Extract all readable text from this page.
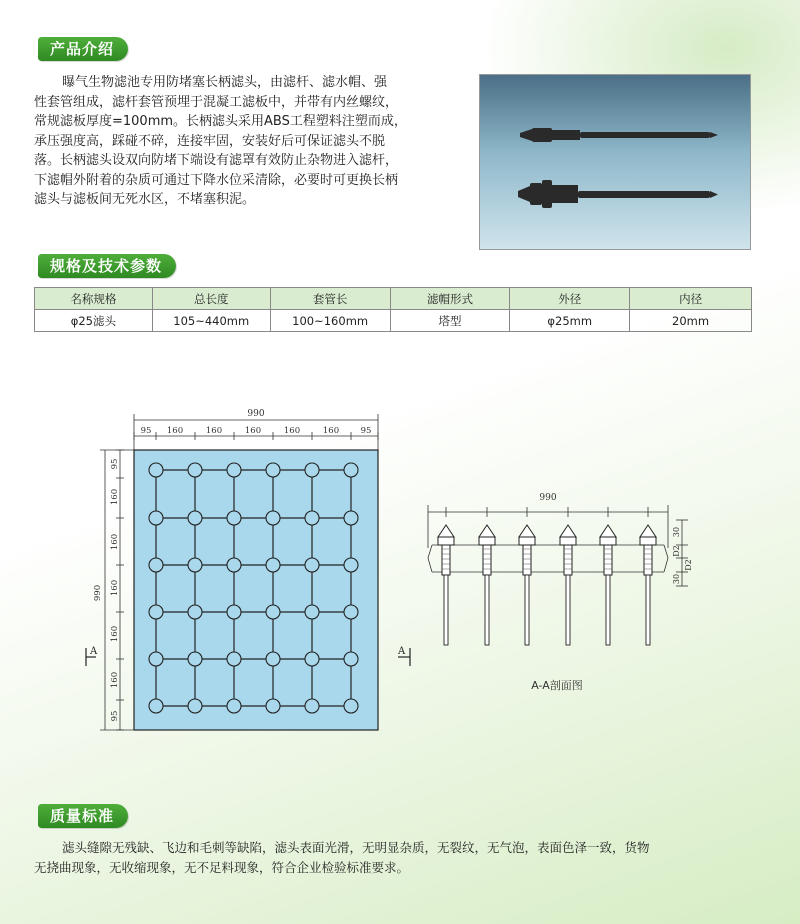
产品介绍
曝气生物滤池专用防堵塞长柄滤头，由滤杆、滤水帽、强
性套管组成，滤杆套管预埋于混凝工滤板中，并带有内丝螺纹，
常规滤板厚度=100mm。长柄滤头采用ABS工程塑料注塑而成，
承压强度高，踩碰不碎，连接牢固，安装好后可保证滤头不脱
落。长柄滤头设双向防堵下端设有滤罩有效防止杂物进入滤杆，
下滤帽外附着的杂质可通过下降水位采清除，必要时可更换长柄
滤头与滤板间无死水区，不堵塞积泥。
规格及技术参数
名称规格	总长度	套管长	滤帽形式	外径	内径
φ25滤头	105~440mm	100~160mm	塔型	φ25mm	20mm
990
95 160	160	160	160	160	95
990
95
160
160
160
160
160
95
A	A
990
30
D2
D2
30
A-A剖面图
质量标准
滤头缝隙无残缺、飞边和毛刺等缺陷，滤头表面光滑，无明显杂质，无裂纹，无气泡，表面色泽一致，货物
无挠曲现象，无收缩现象，无不足料现象，符合企业检验标准要求。
